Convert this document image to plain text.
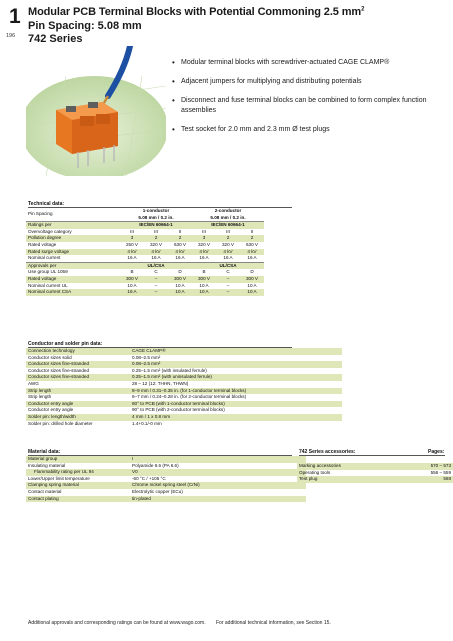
1
196
Modular PCB Terminal Blocks with Potential Commoning 2.5 $mm^2$
Pin Spacing: 5.08 mm
742 Series
• Modular terminal blocks with screwdriver-actuated CAGE CLAMP®
• Adjacent jumpers for multiplying and distributing potentials
• Disconnect and fuse terminal blocks can be combined to form complex function assemblies
• Test socket for 2.0 mm and 2.3 mm Ø test plugs
Technical data:
Pin Spacing	1-conductor			2-conductor		
	5.08 mm / 0.2 in.			5.08 mm / 0.2 in.		
Ratings per	IEC/EN 60664-1			IEC/EN 60664-1		
Overvoltage category	III	III	II	III	III	II
Pollution degree	3	2	2	3	2	2
Rated voltage	250 V	320 V	630 V	320 V	320 V	630 V
Rated surge voltage	4 kV	4 kV	4 kV	4 kV	4 kV	4 kV
Nominal current	16 A	16 A	16 A	16 A	16 A	16 A
Approvals per	UL/CSA			UL/CSA		
Use group UL 1059	B	C	D	B	C	D
Rated voltage	300 V	–	300 V	300 V	–	300 V
Nominal current UL	10 A	–	10 A	10 A	–	10 A
Nominal current CSA	16 A	–	10 A	10 A	–	10 A
Conductor and solder pin data:
Connection technology	CAGE CLAMP®
Conductor sizes solid	0.08–2.5 mm²
Conductor sizes fine-stranded	0.08–2.5 mm²
Conductor sizes fine-stranded	0.25–1.5 mm² (with insulated ferrule)
Conductor sizes fine-stranded	0.25–1.5 mm² (with uninsulated ferrule)
AWG	28 – 12 (12: THHN, THWN)
Strip length	8–9 mm / 0.31–0.35 in. (for 1-conductor terminal blocks)
Strip length	6–7 mm / 0.24–0.28 in. (for 2-conductor terminal blocks)
Conductor entry angle	60° to PCB (with 1-conductor terminal blocks)
Conductor entry angle	90° to PCB (with 2-conductor terminal blocks)
Solder pin: length/width	4 mm / 1 x 0.8 mm
Solder pin: drilled hole diameter	1.4+0.1/-0 mm
Material data:
Material group	I
Insulating material	Polyamide 6.6 (PA 6.6)
Flammability rating per UL 94	V0
Lower/Upper limit temperature	-60 °C / +105 °C
Clamping spring material	Chrome nickel spring steel (CrNi)
Contact material	Electrolytic copper (ECu)
Contact plating	tin-plated
742 Series accessories:	Pages:
Marking accessories	570 – 573
Operating tools	556 – 559
Test plug	568
Additional approvals and corresponding ratings can be found at www.wago.com. For additional technical information, see Section 15.
